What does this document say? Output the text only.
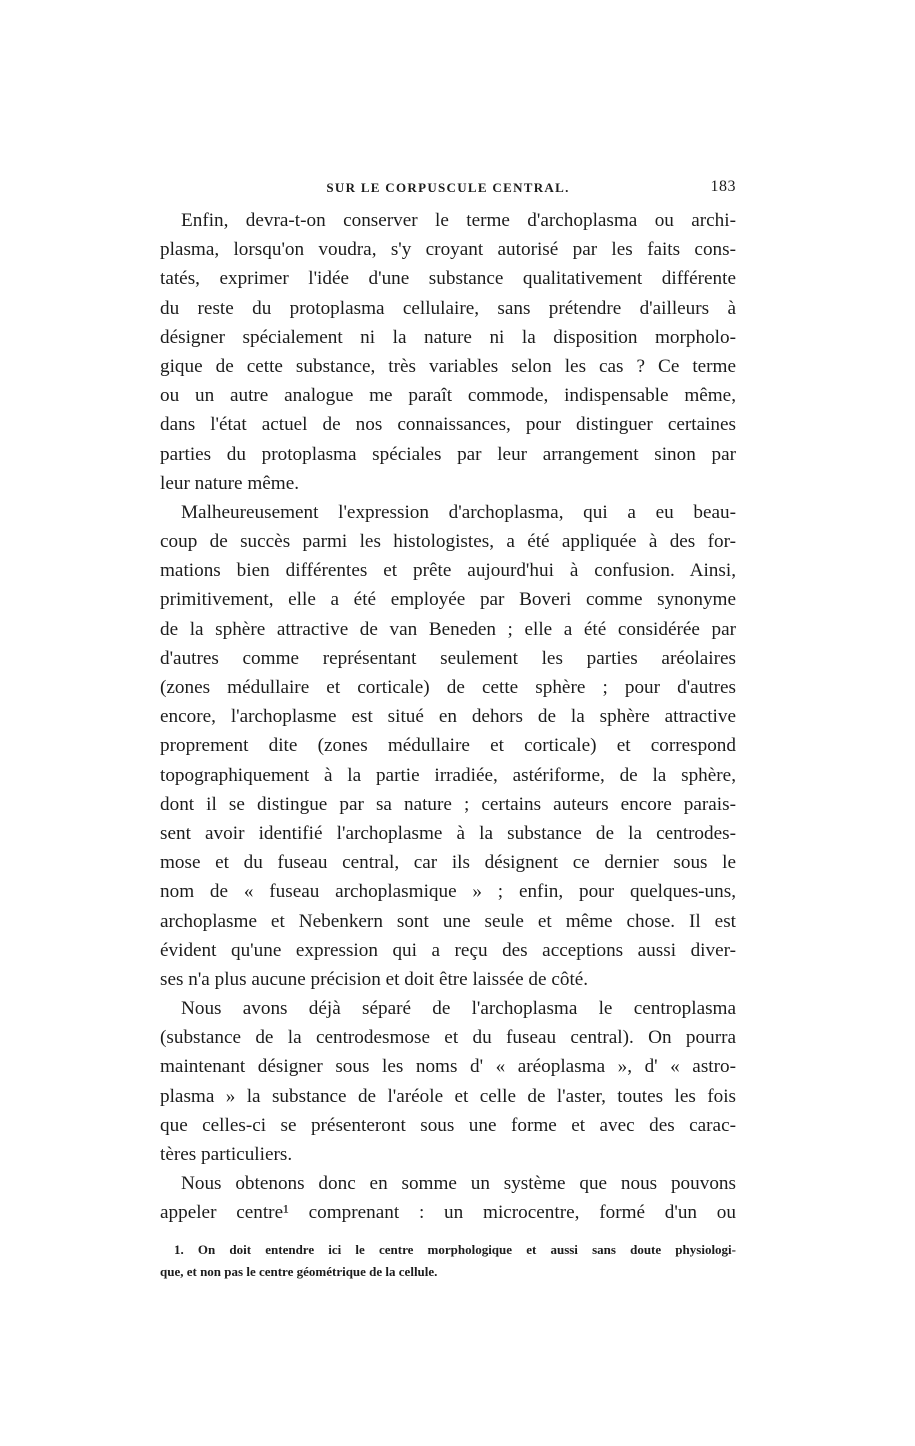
SUR LE CORPUSCULE CENTRAL.	183
Enfin, devra-t-on conserver le terme d'archoplasma ou archi-
plasma, lorsqu'on voudra, s'y croyant autorisé par les faits cons-
tatés, exprimer l'idée d'une substance qualitativement différente
du reste du protoplasma cellulaire, sans prétendre d'ailleurs à
désigner spécialement ni la nature ni la disposition morpholo-
gique de cette substance, très variables selon les cas ? Ce terme
ou un autre analogue me paraît commode, indispensable même,
dans l'état actuel de nos connaissances, pour distinguer certaines
parties du protoplasma spéciales par leur arrangement sinon par
leur nature même.
Malheureusement l'expression d'archoplasma, qui a eu beau-
coup de succès parmi les histologistes, a été appliquée à des for-
mations bien différentes et prête aujourd'hui à confusion. Ainsi,
primitivement, elle a été employée par Boveri comme synonyme
de la sphère attractive de van Beneden ; elle a été considérée par
d'autres comme représentant seulement les parties aréolaires
(zones médullaire et corticale) de cette sphère ; pour d'autres
encore, l'archoplasme est situé en dehors de la sphère attractive
proprement dite (zones médullaire et corticale) et correspond
topographiquement à la partie irradiée, astériforme, de la sphère,
dont il se distingue par sa nature ; certains auteurs encore parais-
sent avoir identifié l'archoplasme à la substance de la centrodes-
mose et du fuseau central, car ils désignent ce dernier sous le
nom de « fuseau archoplasmique » ; enfin, pour quelques-uns,
archoplasme et Nebenkern sont une seule et même chose. Il est
évident qu'une expression qui a reçu des acceptions aussi diver-
ses n'a plus aucune précision et doit être laissée de côté.
Nous avons déjà séparé de l'archoplasma le centroplasma
(substance de la centrodesmose et du fuseau central). On pourra
maintenant désigner sous les noms d' « aréoplasma », d' « astro-
plasma » la substance de l'aréole et celle de l'aster, toutes les fois
que celles-ci se présenteront sous une forme et avec des carac-
tères particuliers.
Nous obtenons donc en somme un système que nous pouvons
appeler centre¹ comprenant : un microcentre, formé d'un ou
1. On doit entendre ici le centre morphologique et aussi sans doute physiologi-
que, et non pas le centre géométrique de la cellule.
